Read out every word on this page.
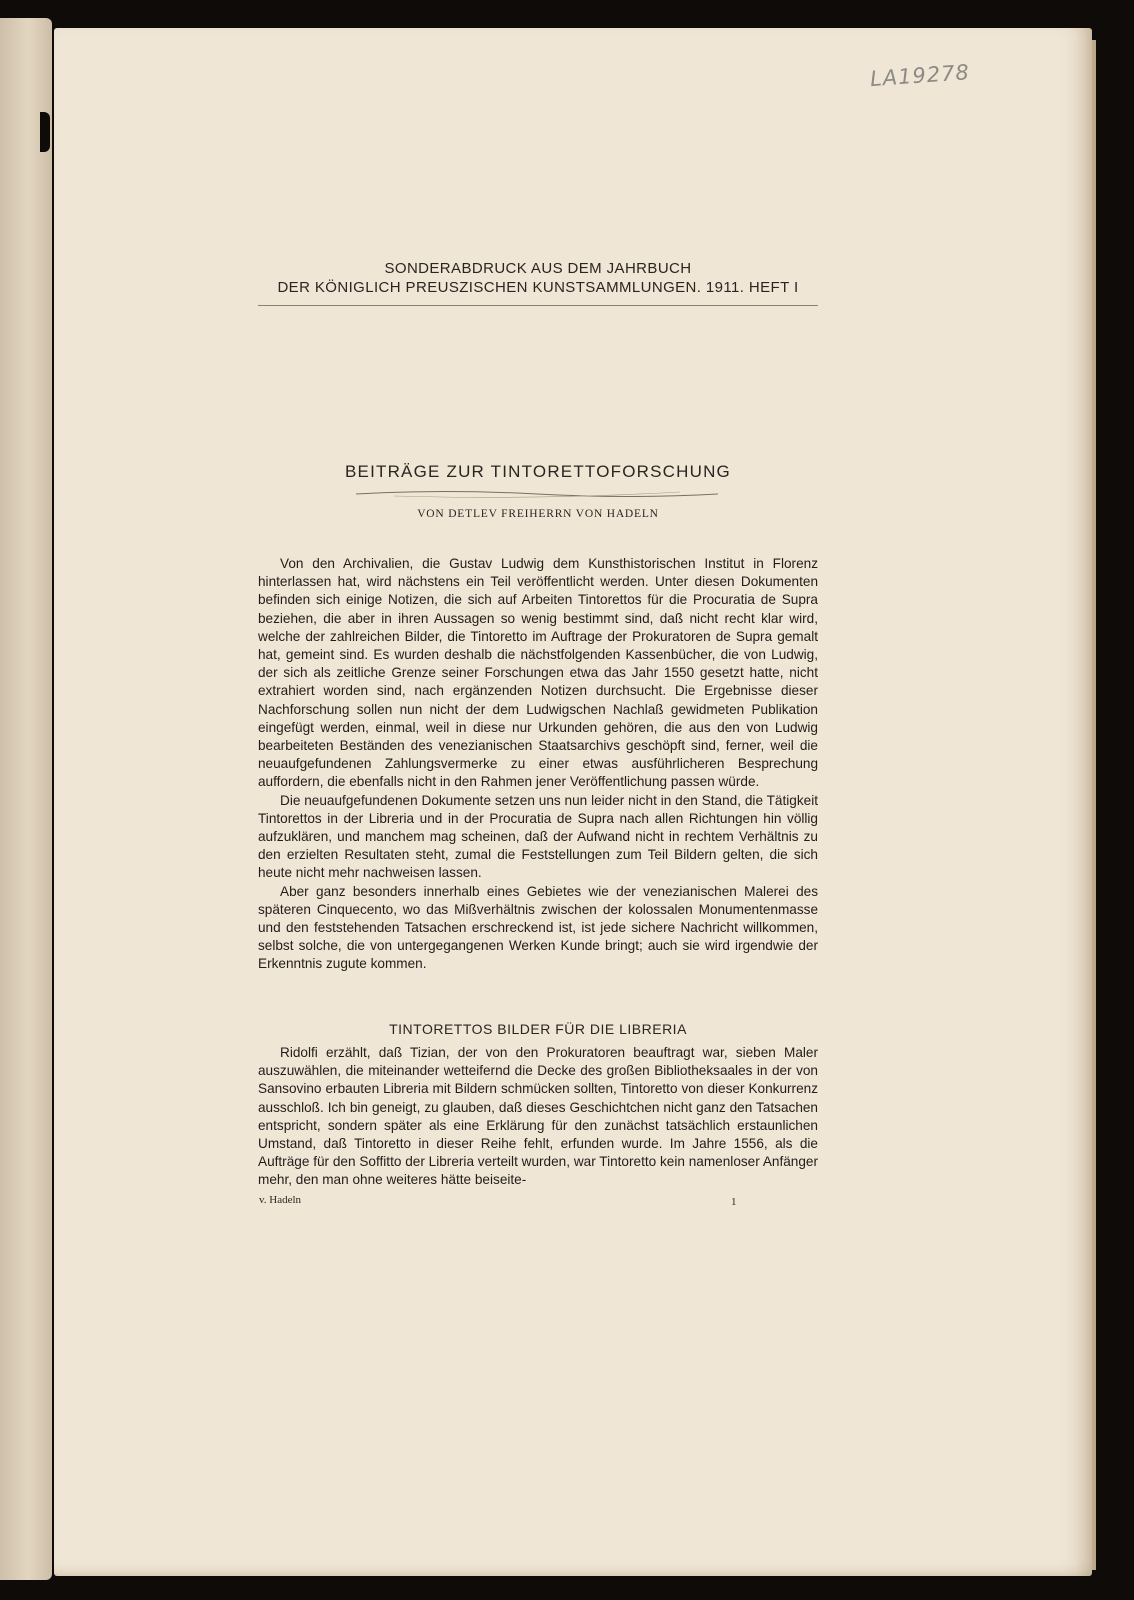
LA19278
SONDERABDRUCK AUS DEM JAHRBUCH
DER KÖNIGLICH PREUSZISCHEN KUNSTSAMMLUNGEN. 1911. HEFT I
BEITRÄGE ZUR TINTORETTOFORSCHUNG
VON DETLEV FREIHERRN VON HADELN

Von den Archivalien, die Gustav Ludwig dem Kunsthistorischen Institut in Florenz hinterlassen hat, wird nächstens ein Teil veröffentlicht werden. Unter diesen Dokumenten befinden sich einige Notizen, die sich auf Arbeiten Tintorettos für die Procuratia de Supra beziehen, die aber in ihren Aussagen so wenig bestimmt sind, daß nicht recht klar wird, welche der zahlreichen Bilder, die Tintoretto im Auftrage der Prokuratoren de Supra gemalt hat, gemeint sind. Es wurden deshalb die nächstfolgenden Kassenbücher, die von Ludwig, der sich als zeitliche Grenze seiner Forschungen etwa das Jahr 1550 gesetzt hatte, nicht extrahiert worden sind, nach ergänzenden Notizen durchsucht. Die Ergebnisse dieser Nachforschung sollen nun nicht der dem Ludwigschen Nachlaß gewidmeten Publikation eingefügt werden, einmal, weil in diese nur Urkunden gehören, die aus den von Ludwig bearbeiteten Beständen des venezianischen Staatsarchivs geschöpft sind, ferner, weil die neuaufgefundenen Zahlungsvermerke zu einer etwas ausführlicheren Besprechung auffordern, die ebenfalls nicht in den Rahmen jener Veröffentlichung passen würde.

Die neuaufgefundenen Dokumente setzen uns nun leider nicht in den Stand, die Tätigkeit Tintorettos in der Libreria und in der Procuratia de Supra nach allen Richtungen hin völlig aufzuklären, und manchem mag scheinen, daß der Aufwand nicht in rechtem Verhältnis zu den erzielten Resultaten steht, zumal die Feststellungen zum Teil Bildern gelten, die sich heute nicht mehr nachweisen lassen.

Aber ganz besonders innerhalb eines Gebietes wie der venezianischen Malerei des späteren Cinquecento, wo das Mißverhältnis zwischen der kolossalen Monumentenmasse und den feststehenden Tatsachen erschreckend ist, ist jede sichere Nachricht willkommen, selbst solche, die von untergegangenen Werken Kunde bringt; auch sie wird irgendwie der Erkenntnis zugute kommen.

TINTORETTOS BILDER FÜR DIE LIBRERIA

Ridolfi erzählt, daß Tizian, der von den Prokuratoren beauftragt war, sieben Maler auszuwählen, die miteinander wetteifernd die Decke des großen Bibliotheksaales in der von Sansovino erbauten Libreria mit Bildern schmücken sollten, Tintoretto von dieser Konkurrenz ausschloß. Ich bin geneigt, zu glauben, daß dieses Geschichtchen nicht ganz den Tatsachen entspricht, sondern später als eine Erklärung für den zunächst tatsächlich erstaunlichen Umstand, daß Tintoretto in dieser Reihe fehlt, erfunden wurde. Im Jahre 1556, als die Aufträge für den Soffitto der Libreria verteilt wurden, war Tintoretto kein namenloser Anfänger mehr, den man ohne weiteres hätte beiseite-

v. Hadeln	1
